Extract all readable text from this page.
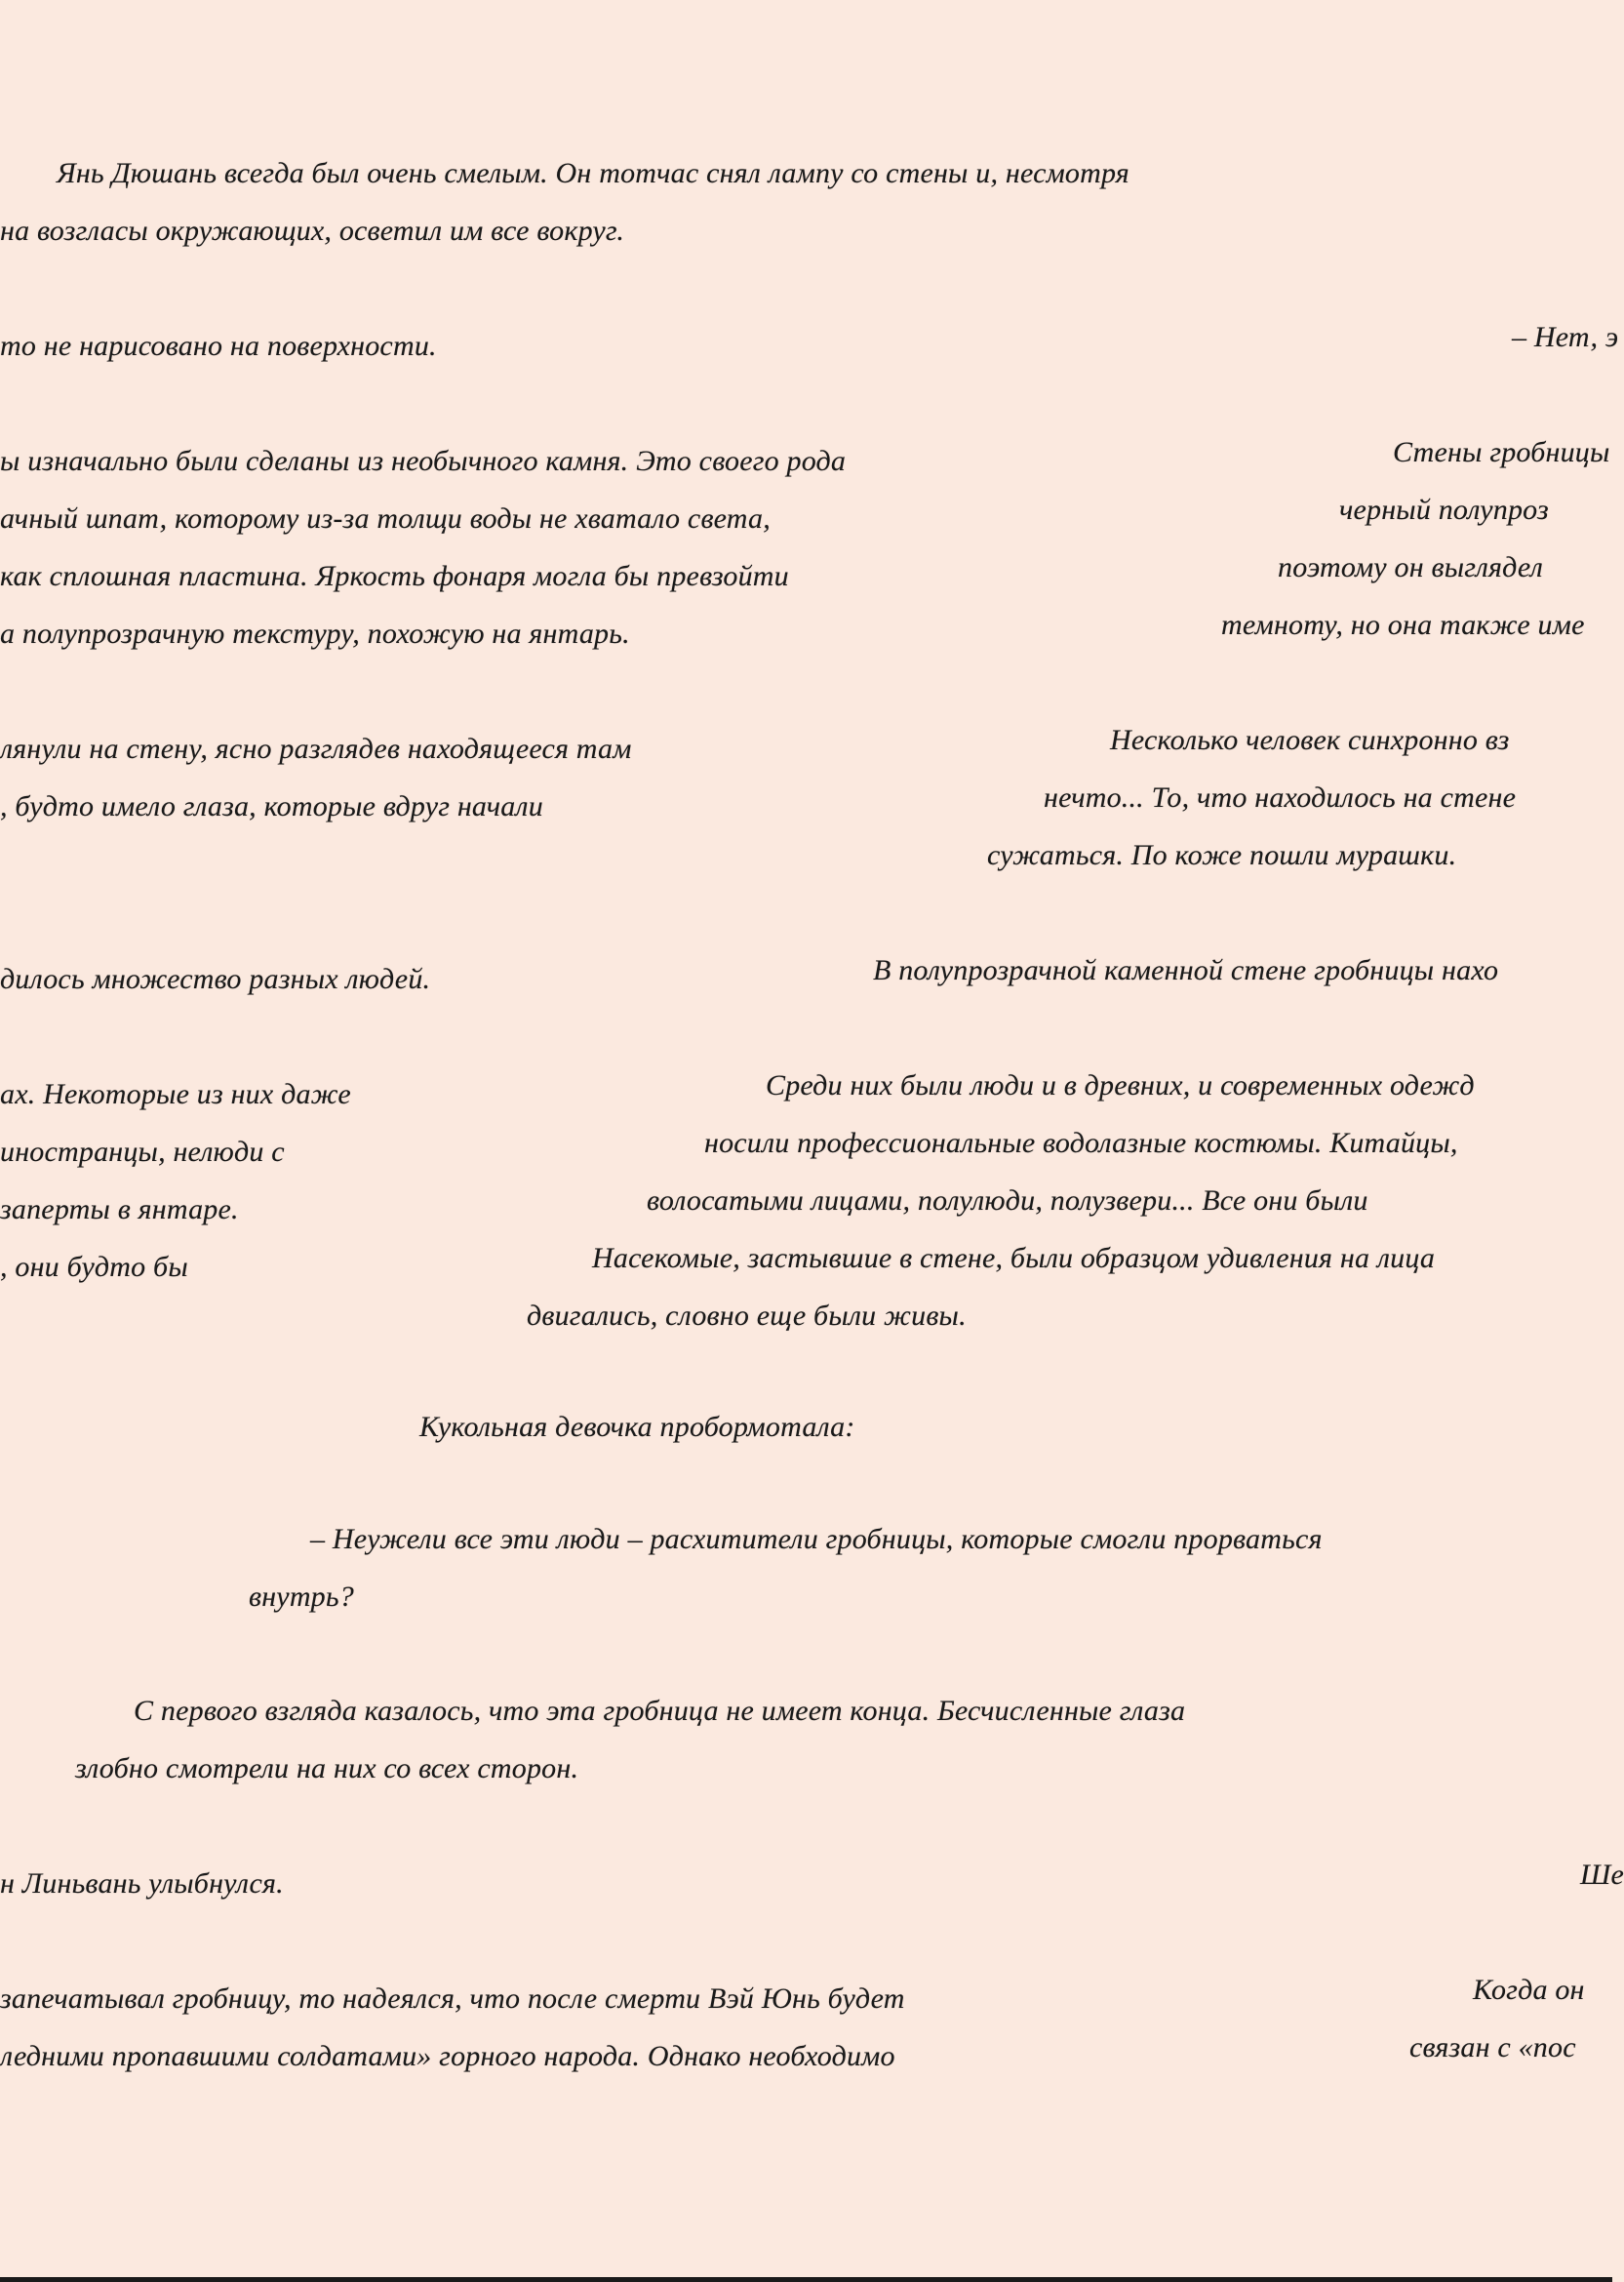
Янь Дюшань всегда был очень смелым. Он тотчас снял лампу со стены и, несмотря
на возгласы окружающих, осветил им все вокруг.
– Нет, э
то не нарисовано на поверхности.
Стены гробницы
ы изначально были сделаны из необычного камня. Это своего рода
черный полупроз
ачный шпат, которому из-за толщи воды не хватало света,
поэтому он выглядел
как сплошная пластина. Яркость фонаря могла бы превзойти
темноту, но она также име
а полупрозрачную текстуру, похожую на янтарь.
Несколько человек синхронно вз
лянули на стену, ясно разглядев находящееся там
нечто... То, что находилось на стене
, будто имело глаза, которые вдруг начали
сужаться. По коже пошли мурашки.
В полупрозрачной каменной стене гробницы нахо
дилось множество разных людей.
Среди них были люди и в древних, и современных одежд
ах. Некоторые из них даже
носили профессиональные водолазные костюмы. Китайцы,
иностранцы, нелюди с
волосатыми лицами, полулюди, полузвери... Все они были
заперты в янтаре.
Насекомые, застывшие в стене, были образцом удивления на лица
, они будто бы
двигались, словно еще были живы.
Кукольная девочка пробормотала:
– Неужели все эти люди – расхитители гробницы, которые смогли прорваться
внутрь?
С первого взгляда казалось, что эта гробница не имеет конца. Бесчисленные глаза
злобно смотрели на них со всех сторон.
Ше
н Линьвань улыбнулся.
Когда он
запечатывал гробницу, то надеялся, что после смерти Вэй Юнь будет
связан с «пос
ледними пропавшими солдатами» горного народа. Однако необходимо
